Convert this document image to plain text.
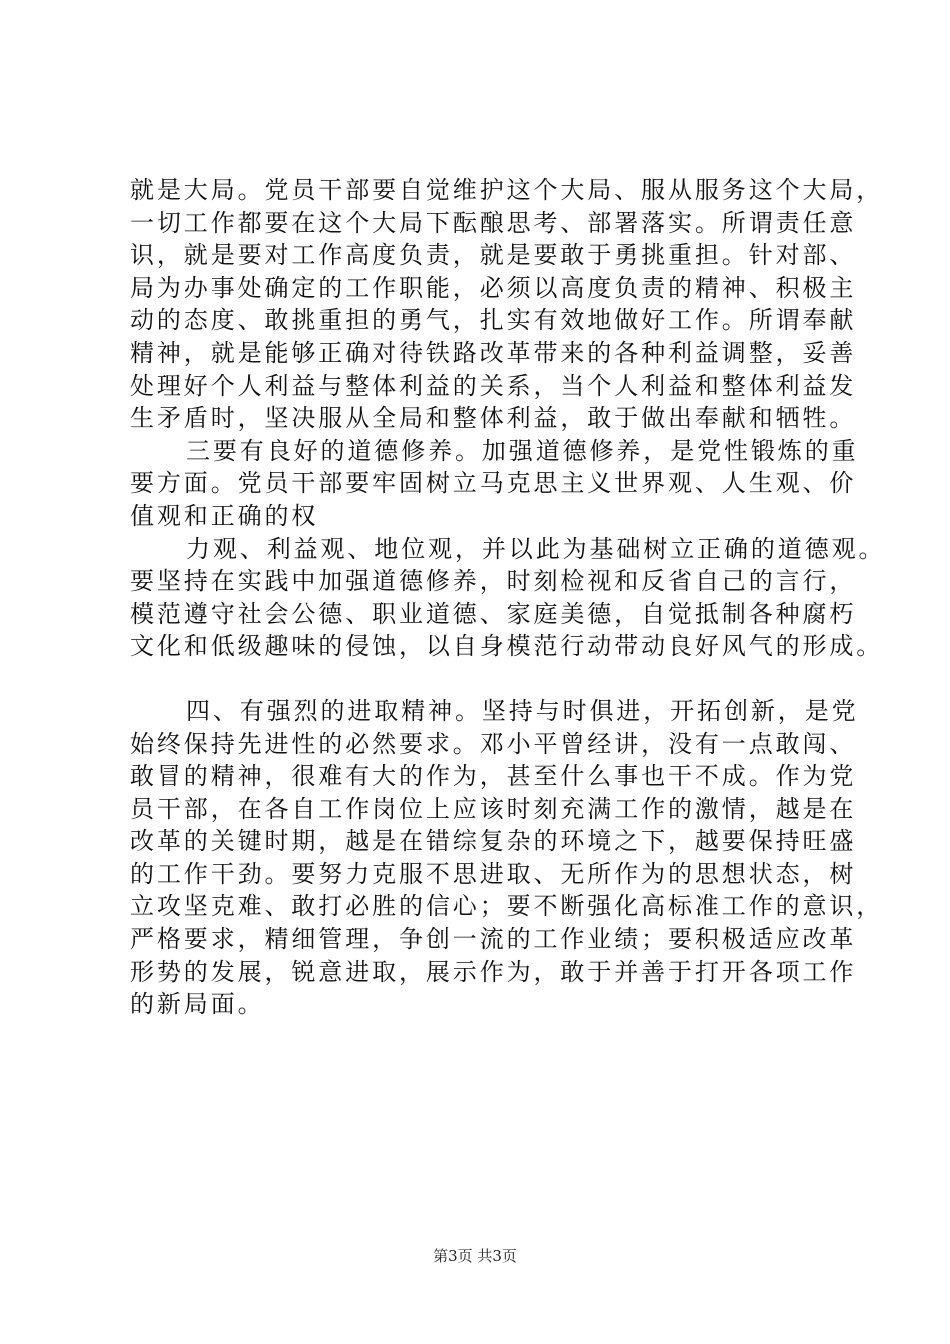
就是大局。党员干部要自觉维护这个大局、服从服务这个大局，
一切工作都要在这个大局下酝酿思考、部署落实。所谓责任意
识，就是要对工作高度负责，就是要敢于勇挑重担。针对部、
局为办事处确定的工作职能，必须以高度负责的精神、积极主
动的态度、敢挑重担的勇气，扎实有效地做好工作。所谓奉献
精神，就是能够正确对待铁路改革带来的各种利益调整，妥善
处理好个人利益与整体利益的关系，当个人利益和整体利益发
生矛盾时，坚决服从全局和整体利益，敢于做出奉献和牺牲。
三要有良好的道德修养。加强道德修养，是党性锻炼的重
要方面。党员干部要牢固树立马克思主义世界观、人生观、价
值观和正确的权
力观、利益观、地位观，并以此为基础树立正确的道德观。
要坚持在实践中加强道德修养，时刻检视和反省自己的言行，
模范遵守社会公德、职业道德、家庭美德，自觉抵制各种腐朽
文化和低级趣味的侵蚀，以自身模范行动带动良好风气的形成。
四、有强烈的进取精神。坚持与时俱进，开拓创新，是党
始终保持先进性的必然要求。邓小平曾经讲，没有一点敢闯、
敢冒的精神，很难有大的作为，甚至什么事也干不成。作为党
员干部，在各自工作岗位上应该时刻充满工作的激情，越是在
改革的关键时期，越是在错综复杂的环境之下，越要保持旺盛
的工作干劲。要努力克服不思进取、无所作为的思想状态，树
立攻坚克难、敢打必胜的信心；要不断强化高标准工作的意识，
严格要求，精细管理，争创一流的工作业绩；要积极适应改革
形势的发展，锐意进取，展示作为，敢于并善于打开各项工作
的新局面。
第3页 共3页
